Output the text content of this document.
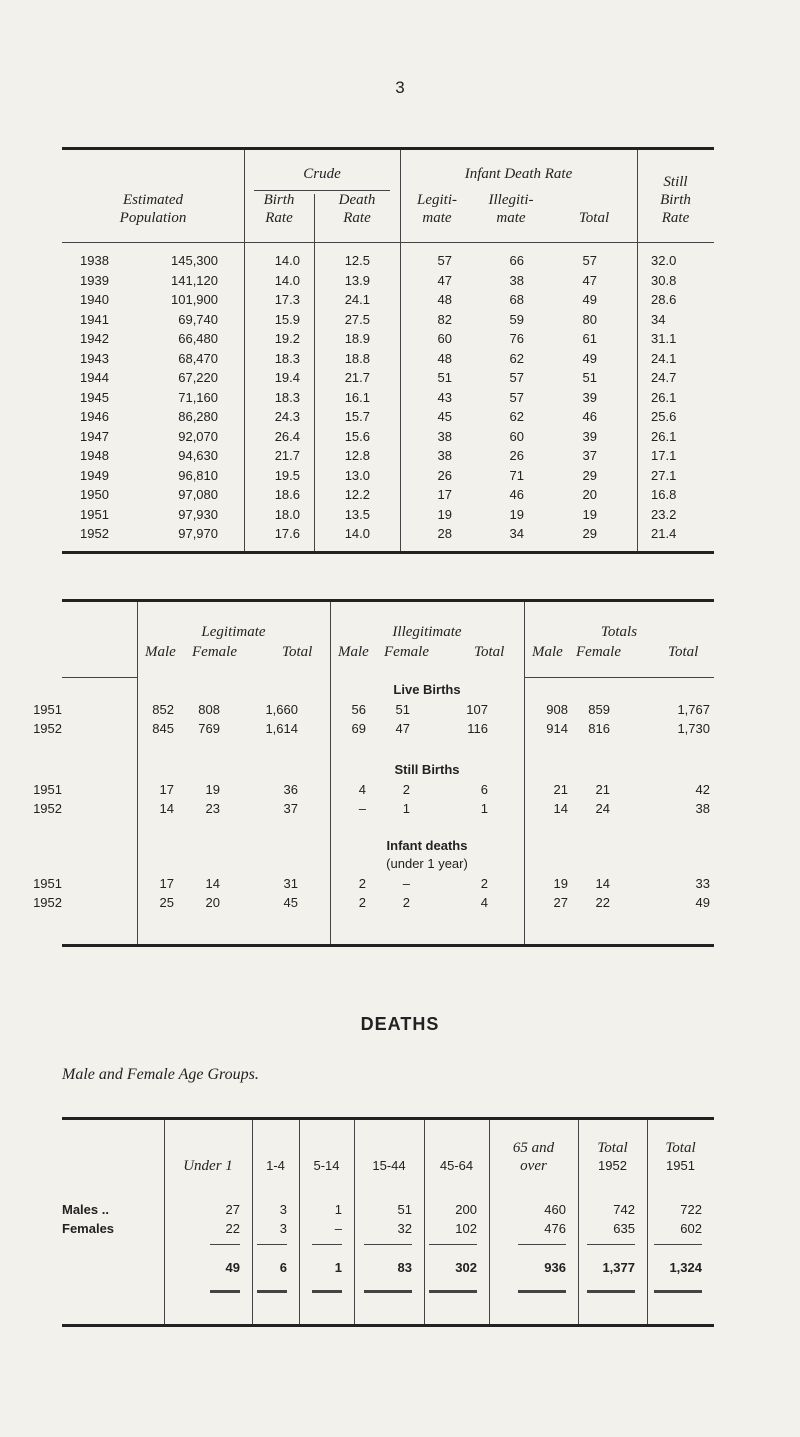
3
Estimated
Population
Crude
Birth
Rate
Death
Rate
Infant Death Rate
Legiti-
mate
Illegiti-
mate	Total
Still
Birth
Rate
1938	145,300	14.0	12.5	57	66	57	32.0
1939	141,120	14.0	13.9	47	38	47	30.8
1940	101,900	17.3	24.1	48	68	49	28.6
1941	69,740	15.9	27.5	82	59	80	34
1942	66,480	19.2	18.9	60	76	61	31.1
1943	68,470	18.3	18.8	48	62	49	24.1
1944	67,220	19.4	21.7	51	57	51	24.7
1945	71,160	18.3	16.1	43	57	39	26.1
1946	86,280	24.3	15.7	45	62	46	25.6
1947	92,070	26.4	15.6	38	60	39	26.1
1948	94,630	21.7	12.8	38	26	37	17.1
1949	96,810	19.5	13.0	26	71	29	27.1
1950	97,080	18.6	12.2	17	46	20	16.8
1951	97,930	18.0	13.5	19	19	19	23.2
1952	97,970	17.6	14.0	28	34	29	21.4
Legitimate
Male Female	Total
Illegitimate
Male Female	Total
Totals
Male Female	Total
Live Births
1951	852	808	1,660	56	51	107	908	859	1,767
1952	845	769	1,614	69	47	116	914	816	1,730
Still Births
1951	17	19	36	4	2	6	21	21	42
1952	14	23	37	–	1	1	14	24	38
Infant deaths
(under 1 year)
1951	17	14	31	2	–	2	19	14	33
1952	25	20	45	2	2	4	27	22	49
DEATHS
Male and Female Age Groups.
Under 1	1-4	5-14	15-44	45-64
65 and
over
Total
1952
Total
1951
Males ..	27	3	1	51	200	460	742	722
Females	22	3	–	32	102	476	635	602
49	6	1	83	302	936	1,377	1,324
